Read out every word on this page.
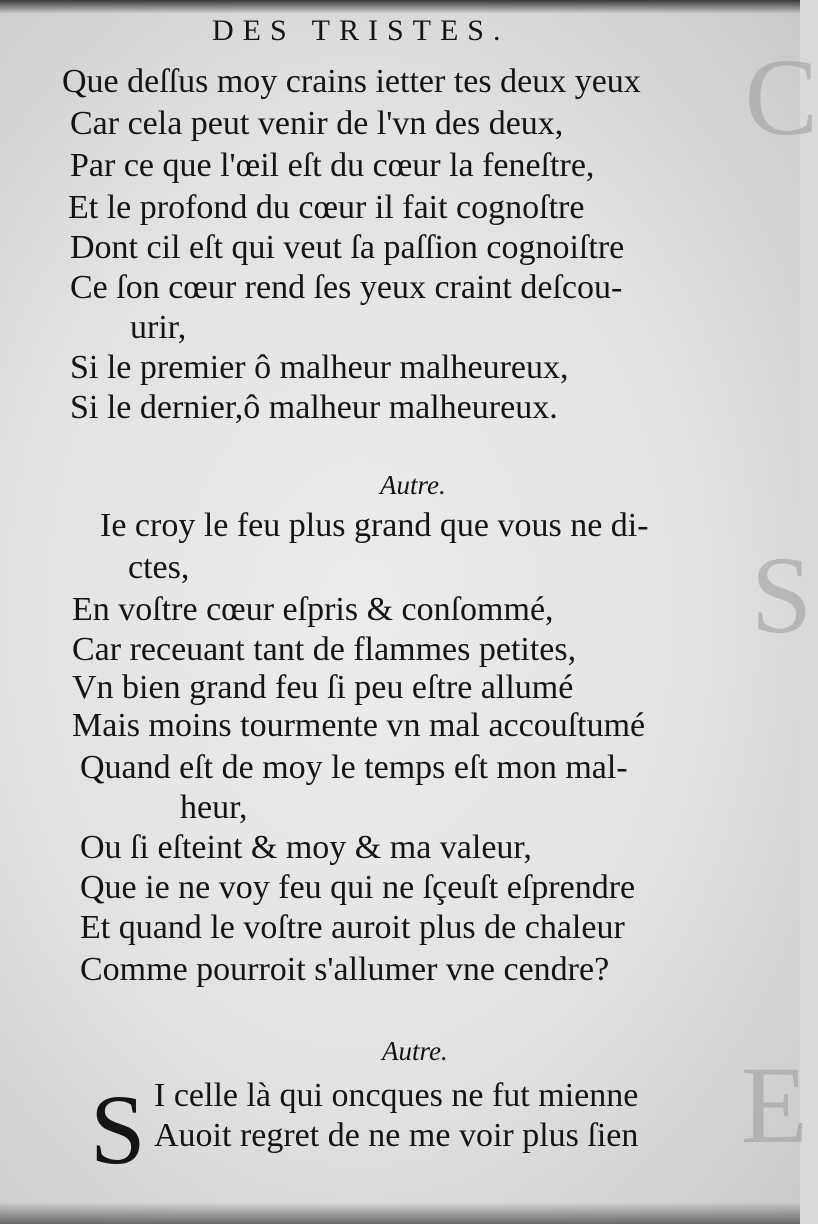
C
S
E
DES TRISTES.
Que deſſus moy crains ietter tes deux yeux
Car cela peut venir de l'vn des deux,
Par ce que l'œil eſt du cœur la feneſtre,
Et le profond du cœur il fait cognoſtre
Dont cil eſt qui veut ſa paſſion cognoiſtre
Ce ſon cœur rend ſes yeux craint deſcou-
urir,
Si le premier ô malheur malheureux,
Si le dernier,ô malheur malheureux.
Autre.
Ie croy le feu plus grand que vous ne di-
ctes,
En voſtre cœur eſpris & conſommé,
Car receuant tant de flammes petites,
Vn bien grand feu ſi peu eſtre allumé
Mais moins tourmente vn mal accouſtumé
Quand eſt de moy le temps eſt mon mal-
heur,
Ou ſi eſteint & moy & ma valeur,
Que ie ne voy feu qui ne ſçeuſt eſprendre
Et quand le voſtre auroit plus de chaleur
Comme pourroit s'allumer vne cendre?
Autre.
S I celle là qui oncques ne fut mienne
Auoit regret de ne me voir plus ſien
